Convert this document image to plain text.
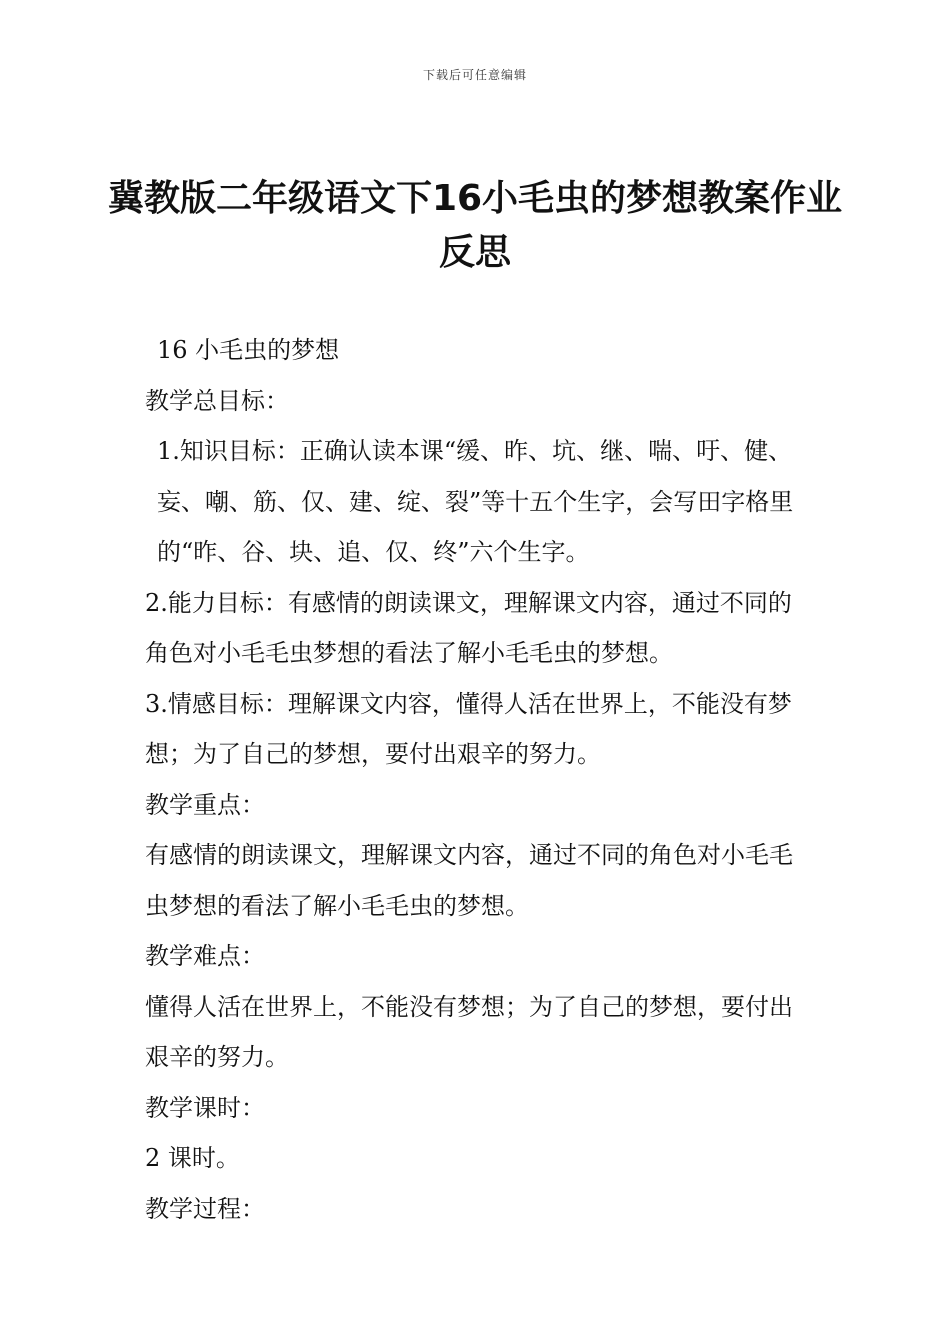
下载后可任意编辑
冀教版二年级语文下16小毛虫的梦想教案作业反思

16 小毛虫的梦想

教学总目标：

1.知识目标：正确认读本课“缓、昨、坑、继、喘、吁、健、妄、嘲、筋、仅、建、绽、裂”等十五个生字，会写田字格里的“昨、谷、块、追、仅、终”六个生字。

2.能力目标：有感情的朗读课文，理解课文内容，通过不同的角色对小毛毛虫梦想的看法了解小毛毛虫的梦想。

3.情感目标：理解课文内容，懂得人活在世界上，不能没有梦想；为了自己的梦想，要付出艰辛的努力。

教学重点：

有感情的朗读课文，理解课文内容，通过不同的角色对小毛毛虫梦想的看法了解小毛毛虫的梦想。

教学难点：

懂得人活在世界上，不能没有梦想；为了自己的梦想，要付出艰辛的努力。

教学课时：

2 课时。

教学过程：
